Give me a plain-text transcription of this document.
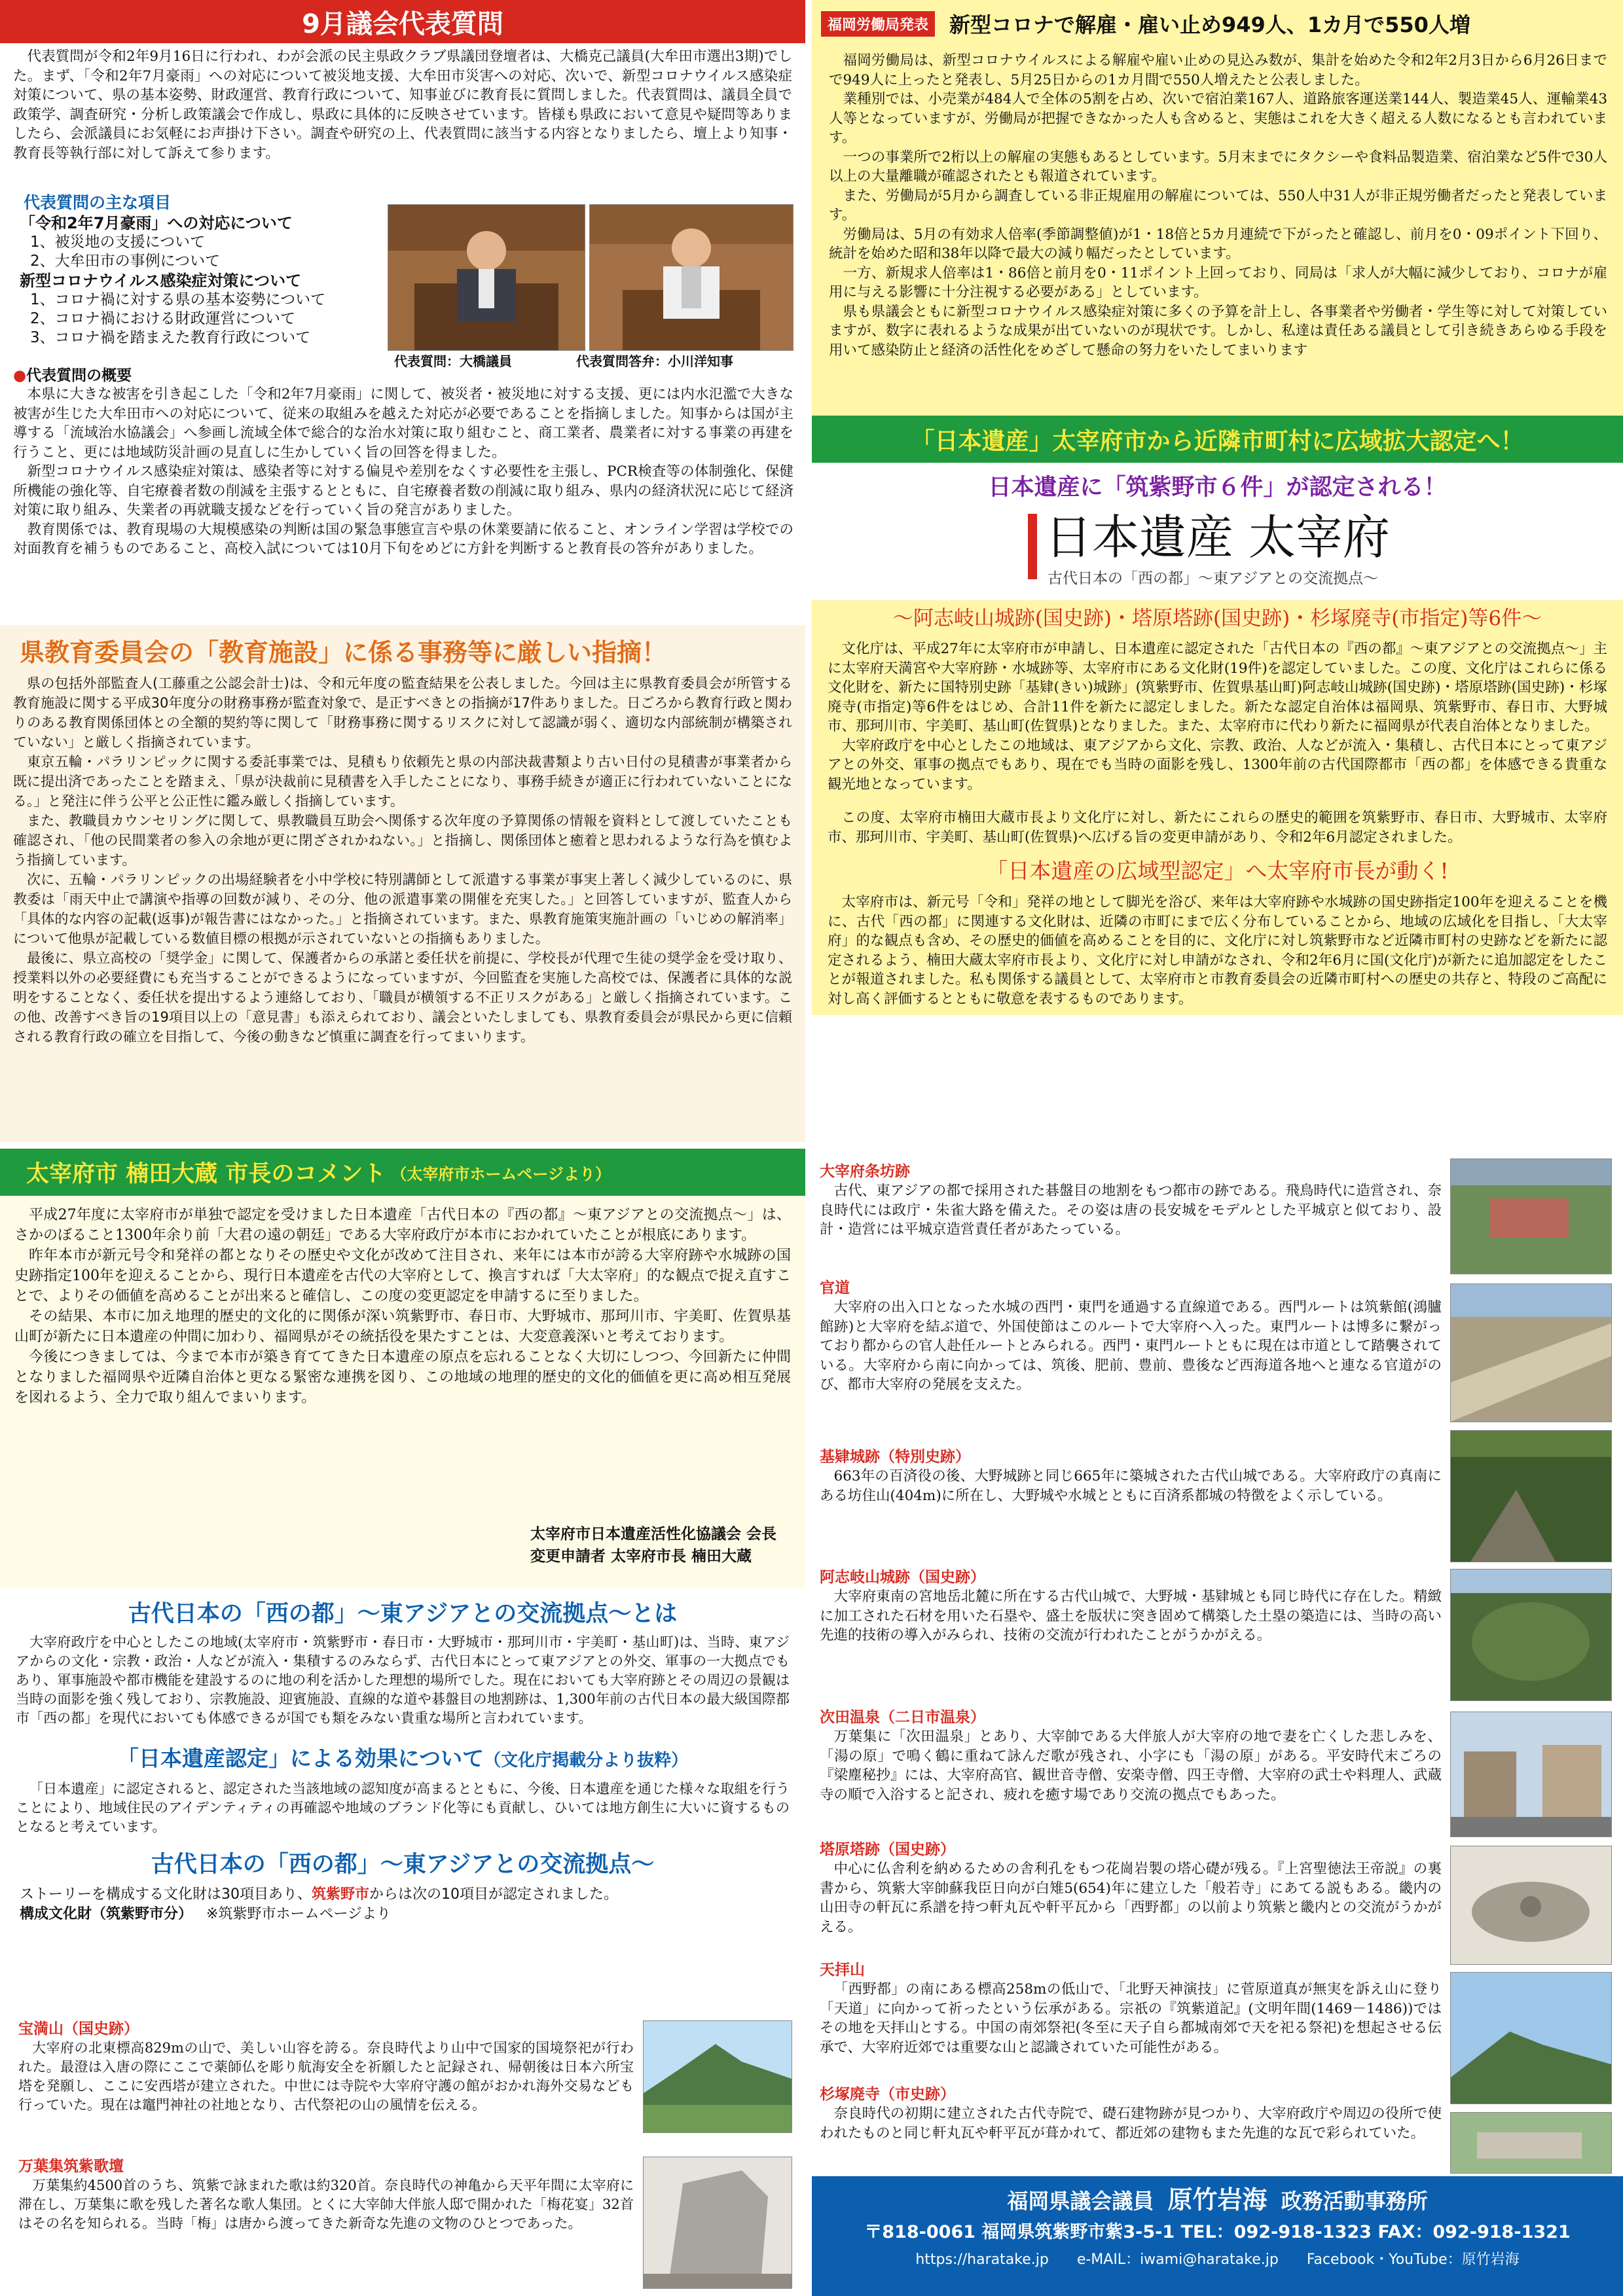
9月議会代表質問

代表質問が令和2年9月16日に行われ、わが会派の民主県政クラブ県議団登壇者は、大橋克己議員(大牟田市選出3期)でした。まず、「令和2年7月豪雨」への対応について被災地支援、大牟田市災害への対応、次いで、新型コロナウイルス感染症対策について、県の基本姿勢、財政運営、教育行政について、知事並びに教育長に質問しました。代表質問は、議員全員で政策学、調査研究・分析し政策議会で作成し、県政に具体的に反映させています。皆様も県政において意見や疑問等ありましたら、会派議員にお気軽にお声掛け下さい。調査や研究の上、代表質問に該当する内容となりましたら、壇上より知事・教育長等執行部に対して訴えて参ります。

代表質問の主な項目
「令和2年7月豪雨」への対応について
1、被災地の支援について
2、大牟田市の事例について
新型コロナウイルス感染症対策について
1、コロナ禍に対する県の基本姿勢について
2、コロナ禍における財政運営について
3、コロナ禍を踏まえた教育行政について
代表質問：大橋議員	代表質問答弁：小川洋知事
●代表質問の概要

本県に大きな被害を引き起こした「令和2年7月豪雨」に関して、被災者・被災地に対する支援、更には内水氾濫で大きな被害が生じた大牟田市への対応について、従来の取組みを越えた対応が必要であることを指摘しました。知事からは国が主導する「流域治水協議会」へ参画し流域全体で総合的な治水対策に取り組むこと、商工業者、農業者に対する事業の再建を行うこと、更には地域防災計画の見直しに生かしていく旨の回答を得ました。

新型コロナウイルス感染症対策は、感染者等に対する偏見や差別をなくす必要性を主張し、PCR検査等の体制強化、保健所機能の強化等、自宅療養者数の削減を主張するとともに、自宅療養者数の削減に取り組み、県内の経済状況に応じて経済対策に取り組み、失業者の再就職支援などを行っていく旨の発言がありました。

教育関係では、教育現場の大規模感染の判断は国の緊急事態宣言や県の休業要請に依ること、オンライン学習は学校での対面教育を補うものであること、高校入試については10月下旬をめどに方針を判断すると教育長の答弁がありました。

県教育委員会の「教育施設」に係る事務等に厳しい指摘！

県の包括外部監査人(工藤重之公認会計士)は、令和元年度の監査結果を公表しました。今回は主に県教育委員会が所管する教育施設に関する平成30年度分の財務事務が監査対象で、是正すべきとの指摘が17件ありました。日ごろから教育行政と関わりのある教育関係団体との全額的契約等に関して「財務事務に関するリスクに対して認識が弱く、適切な内部統制が構築されていない」と厳しく指摘されています。

東京五輪・パラリンピックに関する委託事業では、見積もり依頼先と県の内部決裁書類より古い日付の見積書が事業者から既に提出済であったことを踏まえ、「県が決裁前に見積書を入手したことになり、事務手続きが適正に行われていないことになる。」と発注に伴う公平と公正性に鑑み厳しく指摘しています。

また、教職員カウンセリングに関して、県教職員互助会へ関係する次年度の予算関係の情報を資料として渡していたことも確認され、「他の民間業者の参入の余地が更に閉ざされかねない。」と指摘し、関係団体と癒着と思われるような行為を慎むよう指摘しています。

次に、五輪・パラリンピックの出場経験者を小中学校に特別講師として派遣する事業が事実上著しく減少しているのに、県教委は「雨天中止で講演や指導の回数が減り、その分、他の派遣事業の開催を充実した。」と回答していますが、監査人から「具体的な内容の記載(返事)が報告書にはなかった。」と指摘されています。また、県教育施策実施計画の「いじめの解消率」について他県が記載している数値目標の根拠が示されていないとの指摘もありました。

最後に、県立高校の「奨学金」に関して、保護者からの承諾と委任状を前提に、学校長が代理で生徒の奨学金を受け取り、授業料以外の必要経費にも充当することができるようになっていますが、今回監査を実施した高校では、保護者に具体的な説明をすることなく、委任状を提出するよう連絡しており、「職員が横領する不正リスクがある」と厳しく指摘されています。この他、改善すべき旨の19項目以上の「意見書」も添えられており、議会といたしましても、県教育委員会が県民から更に信頼される教育行政の確立を目指して、今後の動きなど慎重に調査を行ってまいります。

太宰府市 楠田大蔵 市長のコメント （太宰府市ホームページより）

平成27年度に太宰府市が単独で認定を受けました日本遺産「古代日本の『西の都』～東アジアとの交流拠点～」は、さかのぼること1300年余り前「大君の遠の朝廷」である大宰府政庁が本市におかれていたことが根底にあります。

昨年本市が新元号令和発祥の都となりその歴史や文化が改めて注目され、来年には本市が誇る大宰府跡や水城跡の国史跡指定100年を迎えることから、現行日本遺産を古代の大宰府として、換言すれば「大太宰府」的な観点で捉え直すことで、よりその価値を高めることが出来ると確信し、この度の変更認定を申請するに至りました。

その結果、本市に加え地理的歴史的文化的に関係が深い筑紫野市、春日市、大野城市、那珂川市、宇美町、佐賀県基山町が新たに日本遺産の仲間に加わり、福岡県がその統括役を果たすことは、大変意義深いと考えております。

今後につきましては、今まで本市が築き育ててきた日本遺産の原点を忘れることなく大切にしつつ、今回新たに仲間となりました福岡県や近隣自治体と更なる緊密な連携を図り、この地域の地理的歴史的文化的価値を更に高め相互発展を図れるよう、全力で取り組んでまいります。

太宰府市日本遺産活性化協議会 会長
変更申請者 太宰府市長 楠田大蔵
古代日本の「西の都」～東アジアとの交流拠点～とは

大宰府政庁を中心としたこの地域(太宰府市・筑紫野市・春日市・大野城市・那珂川市・宇美町・基山町)は、当時、東アジアからの文化・宗教・政治・人などが流入・集積するのみならず、古代日本にとって東アジアとの外交、軍事の一大拠点でもあり、軍事施設や都市機能を建設するのに地の利を活かした理想的場所でした。現在においても大宰府跡とその周辺の景観は当時の面影を強く残しており、宗教施設、迎賓施設、直線的な道や碁盤目の地割跡は、1,300年前の古代日本の最大級国際都市「西の都」を現代においても体感できるが国でも類をみない貴重な場所と言われています。

「日本遺産認定」による効果について（文化庁掲載分より抜粋）

「日本遺産」に認定されると、認定された当該地域の認知度が高まるとともに、今後、日本遺産を通じた様々な取組を行うことにより、地域住民のアイデンティティの再確認や地域のブランド化等にも貢献し、ひいては地方創生に大いに資するものとなると考えています。

古代日本の「西の都」～東アジアとの交流拠点～
ストーリーを構成する文化財は30項目あり、筑紫野市からは次の10項目が認定されました。
構成文化財（筑紫野市分） ※筑紫野市ホームページより
宝満山（国史跡）

大宰府の北東標高829mの山で、美しい山容を誇る。奈良時代より山中で国家的国境祭祀が行われた。最澄は入唐の際にここで薬師仏を彫り航海安全を祈願したと記録され、帰朝後は日本六所宝塔を発願し、ここに安西塔が建立された。中世には寺院や大宰府守護の館がおかれ海外交易なども行っていた。現在は竈門神社の社地となり、古代祭祀の山の風情を伝える。

万葉集筑紫歌壇

万葉集約4500首のうち、筑紫で詠まれた歌は約320首。奈良時代の神亀から天平年間に太宰府に滞在し、万葉集に歌を残した著名な歌人集団。とくに大宰帥大伴旅人邸で開かれた「梅花宴」32首はその名を知られる。当時「梅」は唐から渡ってきた新奇な先進の文物のひとつであった。

福岡労働局発表	新型コロナで解雇・雇い止め949人、1カ月で550人増

福岡労働局は、新型コロナウイルスによる解雇や雇い止めの見込み数が、集計を始めた令和2年2月3日から6月26日までで949人に上ったと発表し、5月25日からの1カ月間で550人増えたと公表しました。

業種別では、小売業が484人で全体の5割を占め、次いで宿泊業167人、道路旅客運送業144人、製造業45人、運輸業43人等となっていますが、労働局が把握できなかった人も含めると、実態はこれを大きく超える人数になるとも言われています。

一つの事業所で2桁以上の解雇の実態もあるとしています。5月末までにタクシーや食料品製造業、宿泊業など5件で30人以上の大量離職が確認されたとも報道されています。

また、労働局が5月から調査している非正規雇用の解雇については、550人中31人が非正規労働者だったと発表しています。

労働局は、5月の有効求人倍率(季節調整値)が1・18倍と5カ月連続で下がったと確認し、前月を0・09ポイント下回り、統計を始めた昭和38年以降で最大の減り幅だったとしています。

一方、新規求人倍率は1・86倍と前月を0・11ポイント上回っており、同局は「求人が大幅に減少しており、コロナが雇用に与える影響に十分注視する必要がある」としています。

県も県議会ともに新型コロナウイルス感染症対策に多くの予算を計上し、各事業者や労働者・学生等に対して対策していますが、数字に表れるような成果が出ていないのが現状です。しかし、私達は責任ある議員として引き続きあらゆる手段を用いて感染防止と経済の活性化をめざして懸命の努力をいたしてまいります

「日本遺産」太宰府市から近隣市町村に広域拡大認定へ！
日本遺産に「筑紫野市６件」が認定される！
日本遺産 太宰府
古代日本の「西の都」～東アジアとの交流拠点～
～阿志岐山城跡(国史跡)・塔原塔跡(国史跡)・杉塚廃寺(市指定)等6件～

文化庁は、平成27年に太宰府市が申請し、日本遺産に認定された「古代日本の『西の都』～東アジアとの交流拠点～」主に太宰府天満宮や大宰府跡・水城跡等、太宰府市にある文化財(19件)を認定していました。この度、文化庁はこれらに係る文化財を、新たに国特別史跡「基肄(きい)城跡」(筑紫野市、佐賀県基山町)阿志岐山城跡(国史跡)・塔原塔跡(国史跡)・杉塚廃寺(市指定)等6件をはじめ、合計11件を新たに認定しました。新たな認定自治体は福岡県、筑紫野市、春日市、大野城市、那珂川市、宇美町、基山町(佐賀県)となりました。また、太宰府市に代わり新たに福岡県が代表自治体となりました。

大宰府政庁を中心としたこの地域は、東アジアから文化、宗教、政治、人などが流入・集積し、古代日本にとって東アジアとの外交、軍事の拠点でもあり、現在でも当時の面影を残し、1300年前の古代国際都市「西の都」を体感できる貴重な観光地となっています。

この度、太宰府市楠田大蔵市長より文化庁に対し、新たにこれらの歴史的範囲を筑紫野市、春日市、大野城市、太宰府市、那珂川市、宇美町、基山町(佐賀県)へ広げる旨の変更申請があり、令和2年6月認定されました。

「日本遺産の広域型認定」へ太宰府市長が動く!

太宰府市は、新元号「令和」発祥の地として脚光を浴び、来年は大宰府跡や水城跡の国史跡指定100年を迎えることを機に、古代「西の都」に関連する文化財は、近隣の市町にまで広く分布していることから、地域の広域化を目指し、「大太宰府」的な観点も含め、その歴史的価値を高めることを目的に、文化庁に対し筑紫野市など近隣市町村の史跡などを新たに認定されるよう、楠田大蔵太宰府市長より、文化庁に対し申請がなされ、令和2年6月に国(文化庁)が新たに追加認定をしたことが報道されました。私も関係する議員として、太宰府市と市教育委員会の近隣市町村への歴史の共存と、特段のご高配に対し高く評価するとともに敬意を表するものであります。

大宰府条坊跡

古代、東アジアの都で採用された碁盤目の地割をもつ都市の跡である。飛鳥時代に造営され、奈良時代には政庁・朱雀大路を備えた。その姿は唐の長安城をモデルとした平城京と似ており、設計・造営には平城京造営責任者があたっている。

官道

大宰府の出入口となった水城の西門・東門を通過する直線道である。西門ルートは筑紫館(鴻臚館跡)と大宰府を結ぶ道で、外国使節はこのルートで大宰府へ入った。東門ルートは博多に繋がっており都からの官人赴任ルートとみられる。西門・東門ルートともに現在は市道として踏襲されている。大宰府から南に向かっては、筑後、肥前、豊前、豊後など西海道各地へと連なる官道がのび、都市大宰府の発展を支えた。

基肄城跡（特別史跡）

663年の百済役の後、大野城跡と同じ665年に築城された古代山城である。大宰府政庁の真南にある坊住山(404m)に所在し、大野城や水城とともに百済系都城の特徴をよく示している。

阿志岐山城跡（国史跡）

大宰府東南の宮地岳北麓に所在する古代山城で、大野城・基肄城とも同じ時代に存在した。精緻に加工された石材を用いた石塁や、盛土を版状に突き固めて構築した土塁の築造には、当時の高い先進的技術の導入がみられ、技術の交流が行われたことがうかがえる。

次田温泉（二日市温泉）

万葉集に「次田温泉」とあり、大宰帥である大伴旅人が大宰府の地で妻を亡くした悲しみを、「湯の原」で鳴く鶴に重ねて詠んだ歌が残され、小字にも「湯の原」がある。平安時代末ごろの『梁塵秘抄』には、大宰府高官、観世音寺僧、安楽寺僧、四王寺僧、大宰府の武士や料理人、武蔵寺の順で入浴すると記され、疲れを癒す場であり交流の拠点でもあった。

塔原塔跡（国史跡）

中心に仏舎利を納めるための舎利孔をもつ花崗岩製の塔心礎が残る。『上宮聖徳法王帝説』の裏書から、筑紫大宰帥蘇我臣日向が白雉5(654)年に建立した「般若寺」にあてる説もある。畿内の山田寺の軒瓦に系譜を持つ軒丸瓦や軒平瓦から「西野都」の以前より筑紫と畿内との交流がうかがえる。

天拝山

「西野都」の南にある標高258mの低山で、「北野天神演技」に菅原道真が無実を訴え山に登り「天道」に向かって祈ったという伝承がある。宗祇の『筑紫道記』(文明年間(1469－1486))ではその地を天拝山とする。中国の南郊祭祀(冬至に天子自ら都城南郊で天を祀る祭祀)を想起させる伝承で、大宰府近郊では重要な山と認識されていた可能性がある。

杉塚廃寺（市史跡）

奈良時代の初期に建立された古代寺院で、礎石建物跡が見つかり、大宰府政庁や周辺の役所で使われたものと同じ軒丸瓦や軒平瓦が葺かれて、都近郊の建物もまた先進的な瓦で彩られていた。

福岡県議会議員 原竹岩海 政務活動事務所
〒818-0061 福岡県筑紫野市紫3-5-1 TEL：092-918-1323 FAX：092-918-1321
https://haratake.jp e-MAIL：iwami@haratake.jp Facebook・YouTube：原竹岩海
